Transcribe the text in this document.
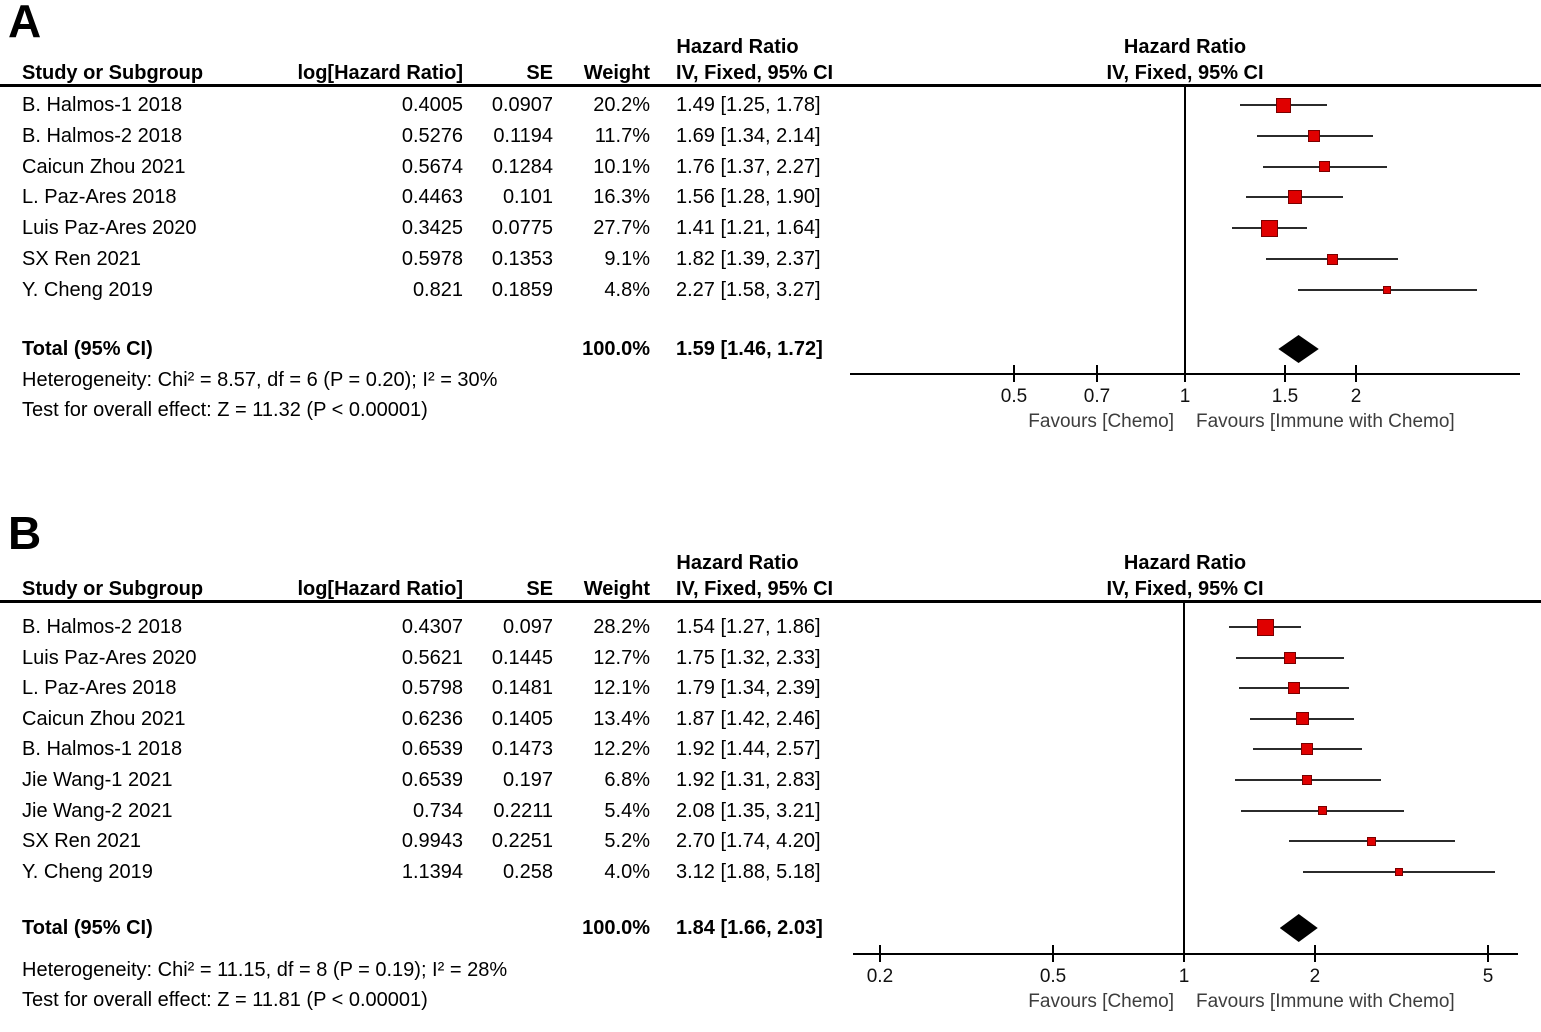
A	Hazard Ratio
Study or Subgroup	log[Hazard Ratio]	SE	Weight IV, Fixed, 95% CI
Hazard Ratio
IV, Fixed, 95% CI
Total (95% CI)	100.0% 1.59 [1.46, 1.72]
Heterogeneity: Chi² = 8.57, df = 6 (P = 0.20); I² = 30%
Test for overall effect: Z = 11.32 (P < 0.00001)
B. Halmos-1 2018	0.4005	0.0907	20.2% 1.49 [1.25, 1.78]
B. Halmos-2 2018	0.5276	0.1194	11.7% 1.69 [1.34, 2.14]
Caicun Zhou 2021	0.5674	0.1284	10.1% 1.76 [1.37, 2.27]
L. Paz-Ares 2018	0.4463	0.101	16.3% 1.56 [1.28, 1.90]
Luis Paz-Ares 2020	0.3425	0.0775	27.7% 1.41 [1.21, 1.64]
SX Ren 2021	0.5978	0.1353	9.1% 1.82 [1.39, 2.37]
Y. Cheng 2019	0.821	0.1859	4.8% 2.27 [1.58, 3.27]
0.5	0.7	1	1.5	2
Favours [Chemo] Favours [Immune with Chemo]
B
Hazard Ratio
Study or Subgroup	log[Hazard Ratio]	SE	Weight IV, Fixed, 95% CI
Hazard Ratio
IV, Fixed, 95% CI
Total (95% CI)	100.0% 1.84 [1.66, 2.03]
Heterogeneity: Chi² = 11.15, df = 8 (P = 0.19); I² = 28%
Test for overall effect: Z = 11.81 (P < 0.00001)
B. Halmos-2 2018	0.4307	0.097	28.2% 1.54 [1.27, 1.86]
Luis Paz-Ares 2020	0.5621	0.1445	12.7% 1.75 [1.32, 2.33]
L. Paz-Ares 2018	0.5798	0.1481	12.1% 1.79 [1.34, 2.39]
Caicun Zhou 2021	0.6236	0.1405	13.4% 1.87 [1.42, 2.46]
B. Halmos-1 2018	0.6539	0.1473	12.2% 1.92 [1.44, 2.57]
Jie Wang-1 2021	0.6539	0.197	6.8% 1.92 [1.31, 2.83]
Jie Wang-2 2021	0.734	0.2211	5.4% 2.08 [1.35, 3.21]
SX Ren 2021	0.9943	0.2251	5.2% 2.70 [1.74, 4.20]
Y. Cheng 2019	1.1394	0.258	4.0% 3.12 [1.88, 5.18]
0.2	0.5	1	2	5
Favours [Chemo] Favours [Immune with Chemo]
